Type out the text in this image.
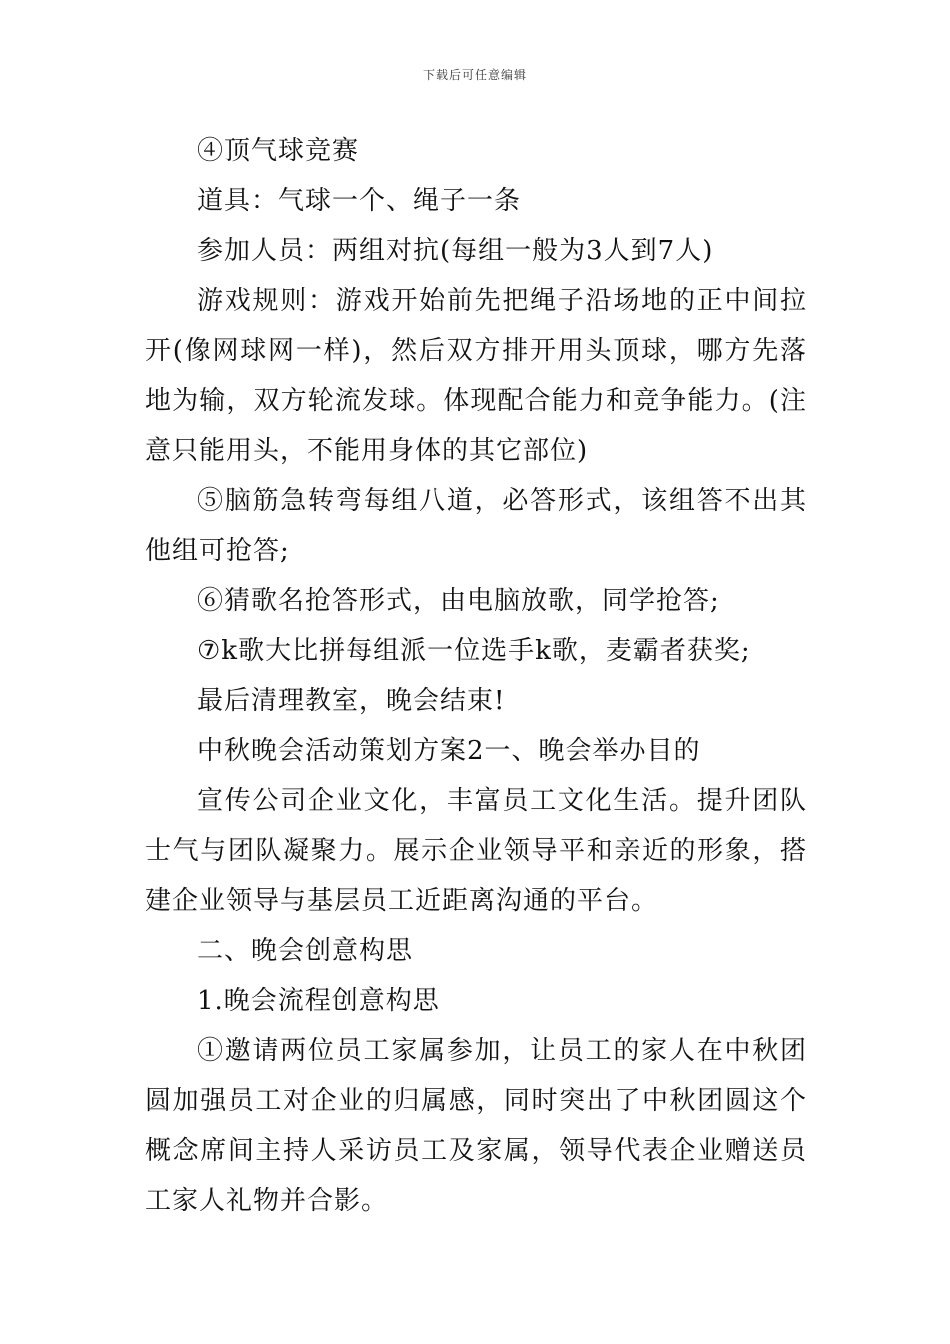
下载后可任意编辑

④顶气球竞赛

道具：气球一个、绳子一条

参加人员：两组对抗(每组一般为3人到7人)

游戏规则：游戏开始前先把绳子沿场地的正中间拉开(像网球网一样)，然后双方排开用头顶球，哪方先落地为输，双方轮流发球。体现配合能力和竞争能力。(注意只能用头，不能用身体的其它部位)

⑤脑筋急转弯每组八道，必答形式，该组答不出其他组可抢答;

⑥猜歌名抢答形式，由电脑放歌，同学抢答;

⑦k歌大比拼每组派一位选手k歌，麦霸者获奖;

最后清理教室，晚会结束!

中秋晚会活动策划方案2一、晚会举办目的

宣传公司企业文化，丰富员工文化生活。提升团队士气与团队凝聚力。展示企业领导平和亲近的形象，搭建企业领导与基层员工近距离沟通的平台。

二、晚会创意构思

1.晚会流程创意构思

①邀请两位员工家属参加，让员工的家人在中秋团圆加强员工对企业的归属感，同时突出了中秋团圆这个概念席间主持人采访员工及家属，领导代表企业赠送员工家人礼物并合影。
